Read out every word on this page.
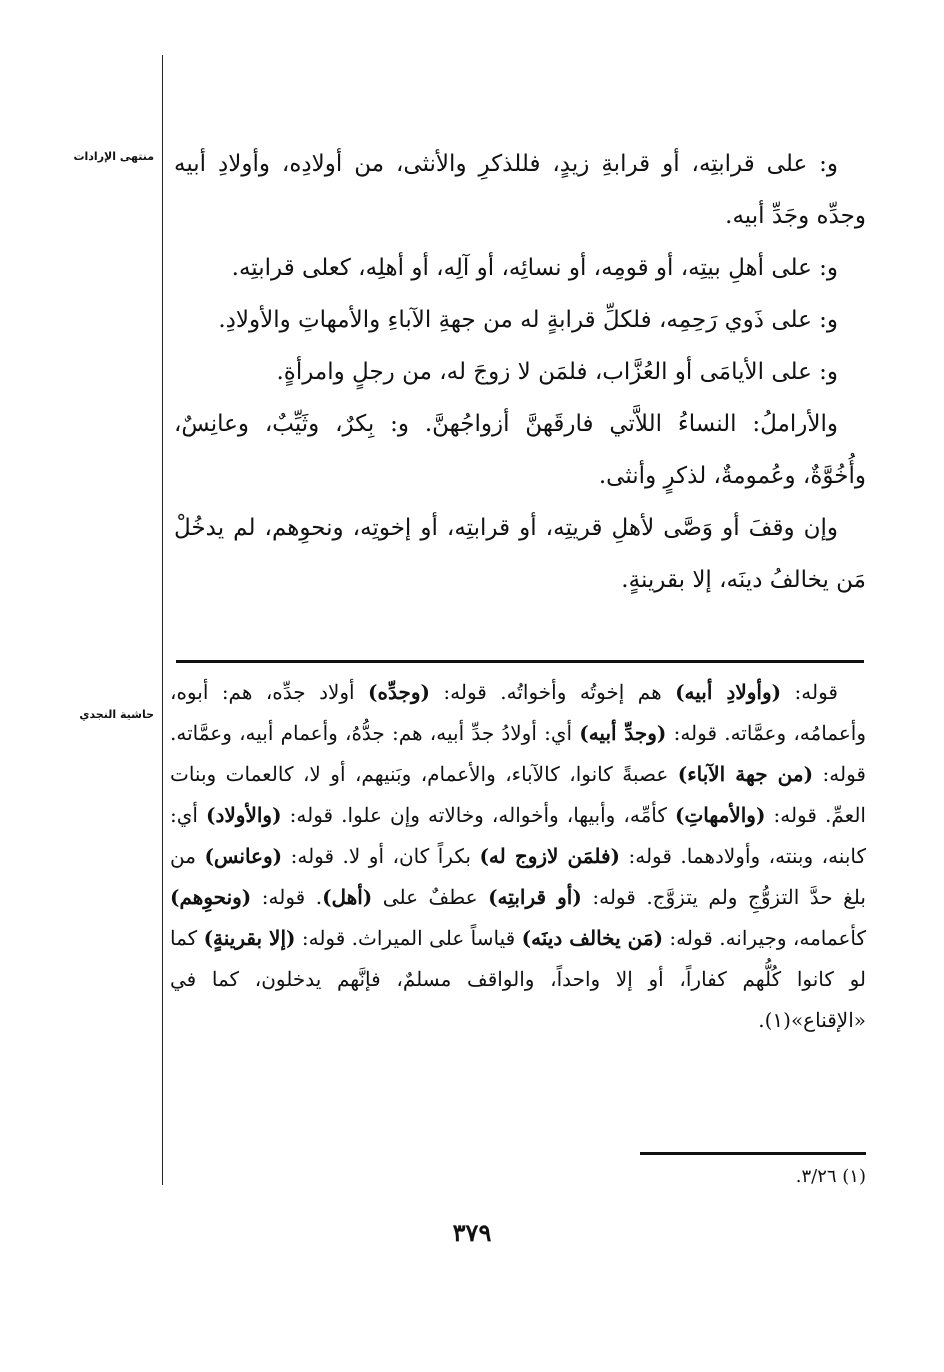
منتهى الإرادات
حاشية النجدي

و: على قرابتِه، أو قرابةِ زيدٍ، فللذكرِ والأنثى، من أولادِه، وأولادِ أبيه وجدِّه وجَدِّ أبيه.

و: على أهلِ بيتِه، أو قومِه، أو نسائِه، أو آلِه، أو أهلِه، كعلى قرابتِه.

و: على ذَوي رَحِمِه، فلكلِّ قرابةٍ له من جهةِ الآباءِ والأمهاتِ والأولادِ.

و: على الأيامَى أو العُزَّاب، فلمَن لا زوجَ له، من رجلٍ وامرأةٍ.

والأراملُ: النساءُ اللاَّتي فارقَهنَّ أزواجُهنَّ. و: بِكرٌ، وثَيِّبٌ، وعانِسٌ، وأُخُوَّةٌ، وعُمومةٌ، لذكرٍ وأنثى.

وإن وقفَ أو وَصَّى لأهلِ قريتِه، أو قرابتِه، أو إخوتِه، ونحوِهم، لم يدخُلْ مَن يخالفُ دينَه، إلا بقرينةٍ.

قوله: (وأولادِ أبيه) هم إخوتُه وأخواتُه. قوله: (وجدِّه) أولاد جدِّه، هم: أبوه، وأعمامُه، وعمَّاته. قوله: (وجدِّ أبيه) أي: أولادُ جدِّ أبيه، هم: جدُّهُ، وأعمام أبيه، وعمَّاته. قوله: (من جهة الآباء) عصبةً كانوا، كالآباء، والأعمام، وبَنيهم، أو لا، كالعمات وبنات العمِّ. قوله: (والأمهاتِ) كأمِّه، وأبيها، وأخواله، وخالاته وإن علوا. قوله: (والأولاد) أي: كابنه، وبنته، وأولادهما. قوله: (فلمَن لازوج له) بكراً كان، أو لا. قوله: (وعانس) من بلغ حدَّ التزوُّجِ ولم يتزوَّج. قوله: (أو قرابتِه) عطفٌ على (أهل). قوله: (ونحوِهم) كأعمامه، وجيرانه. قوله: (مَن يخالف دينَه) قياساً على الميراث. قوله: (إلا بقرينةٍ) كما لو كانوا كُلُّهم كفاراً، أو إلا واحداً، والواقف مسلمٌ، فإنَّهم يدخلون، كما في «الإقناع»(١).

(١) ٣/٢٦.
٣٧٩
